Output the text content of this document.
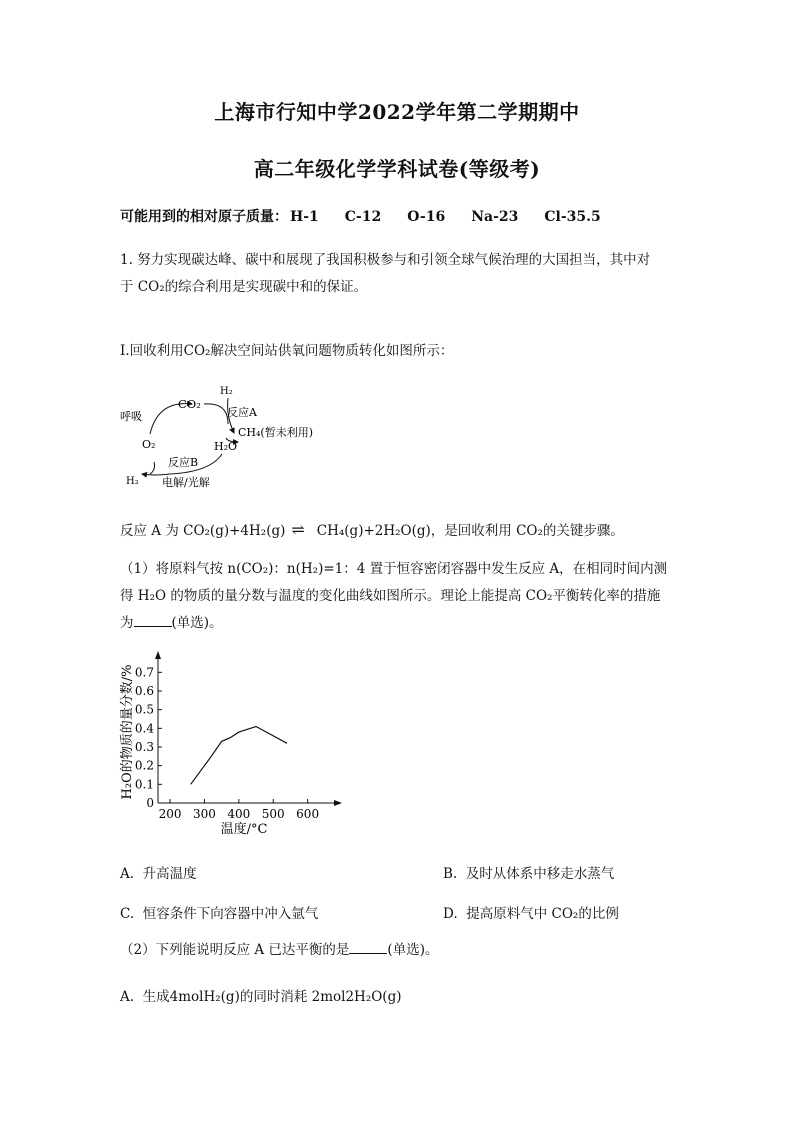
上海市行知中学2022学年第二学期期中
高二年级化学学科试卷(等级考)
可能用到的相对原子质量： H-1 C-12 O-16 Na-23 Cl-35.5
1. 努力实现碳达峰、碳中和展现了我国积极参与和引领全球气候治理的大国担当，其中对
于 CO₂的综合利用是实现碳中和的保证。
I.回收利用CO₂解决空间站供氧问题物质转化如图所示：
CO₂
H₂
反应A
CH₄(暂未利用)
呼吸
O₂	H₂O
反应B
H₂ 电解/光解
反应 A 为 CO₂(g)+4H₂(g) ⇌ CH₄(g)+2H₂O(g)，是回收利用 CO₂的关键步骤。
（1）将原料气按 n(CO₂)：n(H₂)=1：4 置于恒容密闭容器中发生反应 A，在相同时间内测
得 H₂O 的物质的量分数与温度的变化曲线如图所示。理论上能提高 CO₂平衡转化率的措施
为	(单选)。
0
0.1
0.2
0.3
0.4
0.5
0.6
0.7
200 300 400 500 600
温度/°C
H₂O的物质的量分数/%
A. 升高温度	B. 及时从体系中移走水蒸气
C. 恒容条件下向容器中冲入氩气	D. 提高原料气中 CO₂的比例
（2）下列能说明反应 A 已达平衡的是	(单选)。
A. 生成4molH₂(g)的同时消耗 2mol2H₂O(g)
